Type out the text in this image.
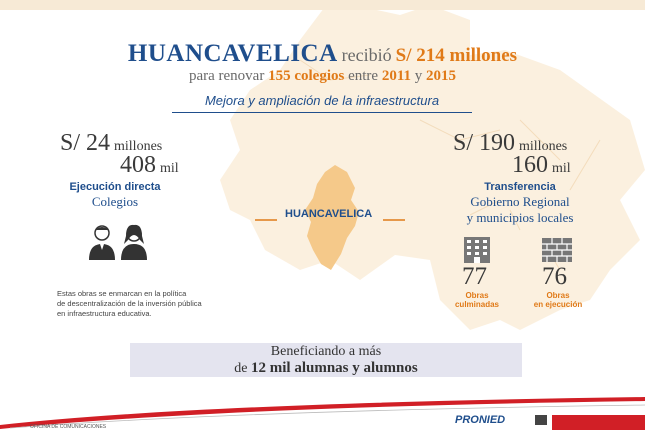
HUANCAVELICA recibió S/ 214 millones
para renovar 155 colegios entre 2011 y 2015
Mejora y ampliación de la infraestructura
S/ 24 millones
408 mil
Ejecución directa
Colegios
Estas obras se enmarcan en la política
de descentralización de la inversión pública
en infraestructura educativa.
HUANCAVELICA
S/ 190 millones
160 mil
Transferencia
Gobierno Regional
y municipios locales
77 76
Obras
culminadas
Obras
en ejecución
Beneficiando a más
de 12 mil alumnas y alumnos
OFICINA DE COMUNICACIONES
PRONIED
